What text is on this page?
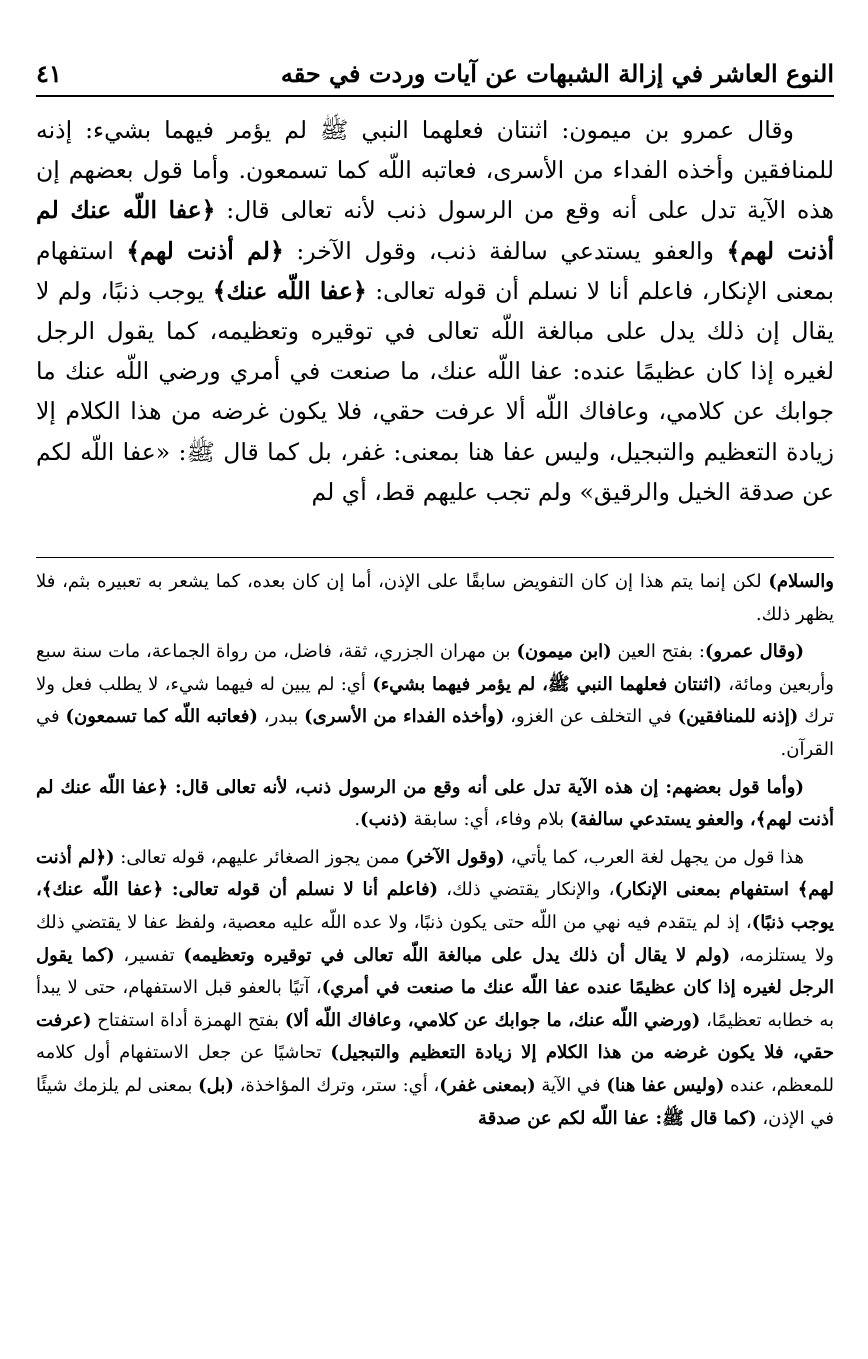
النوع العاشر في إزالة الشبهات عن آيات وردت في حقه
٤١

وقال عمرو بن ميمون: اثنتان فعلهما النبي ﷺ لم يؤمر فيهما بشيء: إذنه للمنافقين وأخذه الفداء من الأسرى، فعاتبه اللّه كما تسمعون. وأما قول بعضهم إن هذه الآية تدل على أنه وقع من الرسول ذنب لأنه تعالى قال: ﴿عفا اللّه عنك لم أذنت لهم﴾ والعفو يستدعي سالفة ذنب، وقول الآخر: ﴿لم أذنت لهم﴾ استفهام بمعنى الإنكار، فاعلم أنا لا نسلم أن قوله تعالى: ﴿عفا اللّه عنك﴾ يوجب ذنبًا، ولم لا يقال إن ذلك يدل على مبالغة اللّه تعالى في توقيره وتعظيمه، كما يقول الرجل لغيره إذا كان عظيمًا عنده: عفا اللّه عنك، ما صنعت في أمري ورضي اللّه عنك ما جوابك عن كلامي، وعافاك اللّه ألا عرفت حقي، فلا يكون غرضه من هذا الكلام إلا زيادة التعظيم والتبجيل، وليس عفا هنا بمعنى: غفر، بل كما قال ﷺ: «عفا اللّه لكم عن صدقة الخيل والرقيق» ولم تجب عليهم قط، أي لم

والسلام) لكن إنما يتم هذا إن كان التفويض سابقًا على الإذن، أما إن كان بعده، كما يشعر به تعبيره بثم، فلا يظهر ذلك.

(وقال عمرو): بفتح العين (ابن ميمون) بن مهران الجزري، ثقة، فاضل، من رواة الجماعة، مات سنة سبع وأربعين ومائة، (اثنتان فعلهما النبي ﷺ، لم يؤمر فيهما بشيء) أي: لم يبين له فيهما شيء، لا يطلب فعل ولا ترك (إذنه للمنافقين) في التخلف عن الغزو، (وأخذه الفداء من الأسرى) ببدر، (فعاتبه اللّه كما تسمعون) في القرآن.

(وأما قول بعضهم: إن هذه الآية تدل على أنه وقع من الرسول ذنب، لأنه تعالى قال: ﴿عفا اللّه عنك لم أذنت لهم﴾، والعفو يستدعي سالفة) بلام وفاء، أي: سابقة (ذنب).

هذا قول من يجهل لغة العرب، كما يأتي، (وقول الآخر) ممن يجوز الصغائر عليهم، قوله تعالى: (﴿لم أذنت لهم﴾ استفهام بمعنى الإنكار)، والإنكار يقتضي ذلك، (فاعلم أنا لا نسلم أن قوله تعالى: ﴿عفا اللّه عنك﴾، يوجب ذنبًا)، إذ لم يتقدم فيه نهي من اللّه حتى يكون ذنبًا، ولا عده اللّه عليه معصية، ولفظ عفا لا يقتضي ذلك ولا يستلزمه، (ولم لا يقال أن ذلك يدل على مبالغة اللّه تعالى في توقيره وتعظيمه) تفسير، (كما يقول الرجل لغيره إذا كان عظيمًا عنده عفا اللّه عنك ما صنعت في أمري)، آتيًا بالعفو قبل الاستفهام، حتى لا يبدأ به خطابه تعظيمًا، (ورضي اللّه عنك، ما جوابك عن كلامي، وعافاك اللّه ألا) بفتح الهمزة أداة استفتاح (عرفت حقي، فلا يكون غرضه من هذا الكلام إلا زيادة التعظيم والتبجيل) تحاشيًا عن جعل الاستفهام أول كلامه للمعظم، عنده (وليس عفا هنا) في الآية (بمعنى غفر)، أي: ستر، وترك المؤاخذة، (بل) بمعنى لم يلزمك شيئًا في الإذن، (كما قال ﷺ: عفا اللّه لكم عن صدقة
